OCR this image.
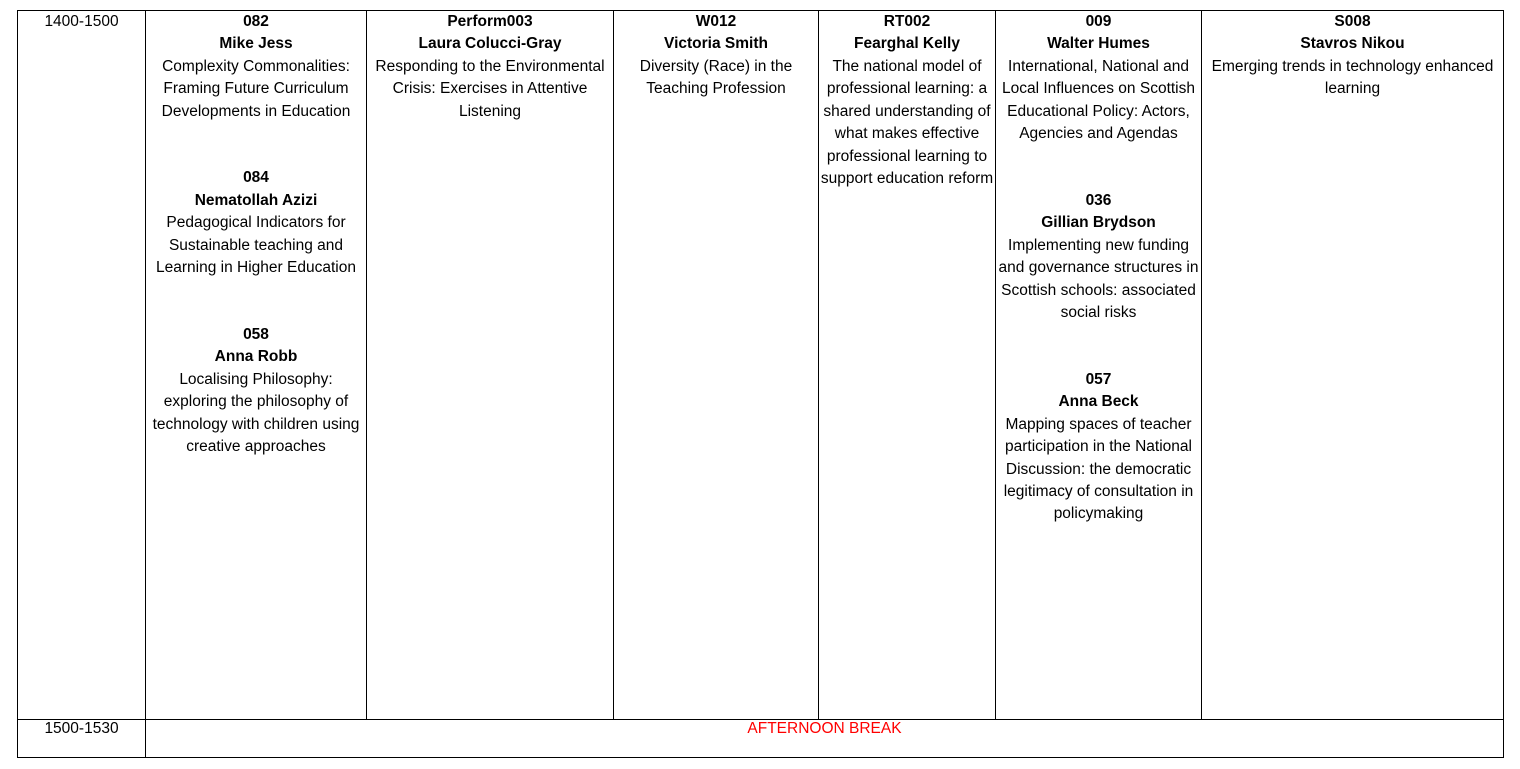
1400-1500	082
Mike Jess
Complexity Commonalities: Framing Future Curriculum Developments in Education
084
Nematollah Azizi
Pedagogical Indicators for Sustainable teaching and Learning in Higher Education
058
Anna Robb
Localising Philosophy: exploring the philosophy of technology with children using creative approaches

Perform003
Laura Colucci-Gray
Responding to the Environmental Crisis: Exercises in Attentive Listening

W012
Victoria Smith
Diversity (Race) in the Teaching Profession

RT002
Fearghal Kelly
The national model of professional learning: a shared understanding of what makes effective professional learning to support education reform

009
Walter Humes
International, National and Local Influences on Scottish Educational Policy: Actors, Agencies and Agendas
036
Gillian Brydson
Implementing new funding and governance structures in Scottish schools: associated social risks
057
Anna Beck
Mapping spaces of teacher participation in the National Discussion: the democratic legitimacy of consultation in policymaking

S008
Stavros Nikou
Emerging trends in technology enhanced learning

1500-1530	AFTERNOON BREAK					
